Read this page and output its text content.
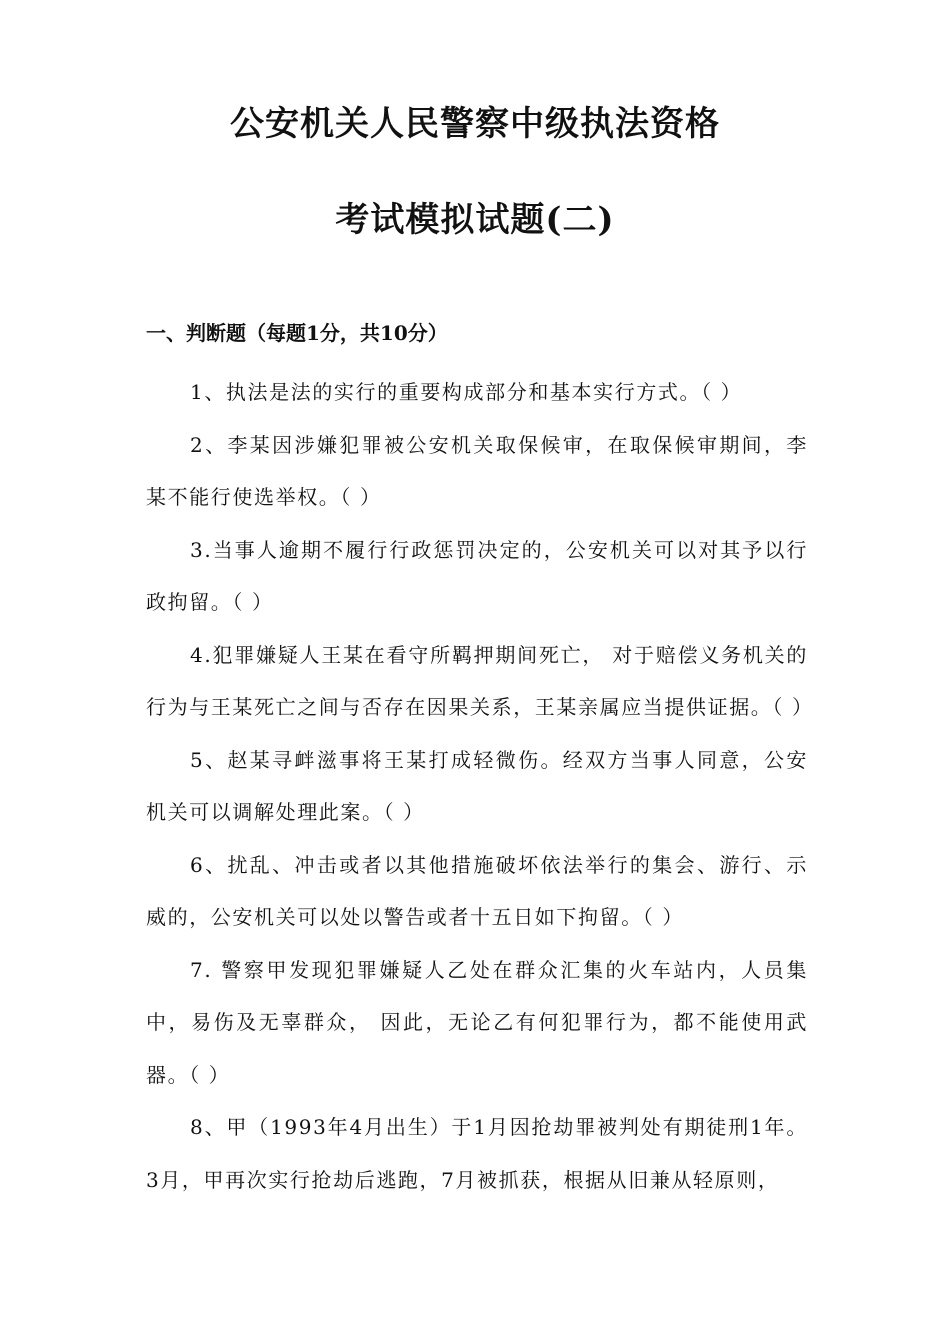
公安机关人民警察中级执法资格
考试模拟试题(二)
一、判断题（每题1分，共10分）
1、执法是法的实行的重要构成部分和基本实行方式。（ ）
2、李某因涉嫌犯罪被公安机关取保候审，在取保候审期间，李某不能行使选举权。（ ）
3.当事人逾期不履行行政惩罚决定的，公安机关可以对其予以行政拘留。（ ）
4.犯罪嫌疑人王某在看守所羁押期间死亡， 对于赔偿义务机关的行为与王某死亡之间与否存在因果关系，王某亲属应当提供证据。（ ）
5、赵某寻衅滋事将王某打成轻微伤。经双方当事人同意，公安机关可以调解处理此案。（ ）
6、扰乱、冲击或者以其他措施破坏依法举行的集会、游行、示威的，公安机关可以处以警告或者十五日如下拘留。（ ）
7. 警察甲发现犯罪嫌疑人乙处在群众汇集的火车站内，人员集中，易伤及无辜群众， 因此，无论乙有何犯罪行为，都不能使用武器。（ ）
8、甲（1993年4月出生）于1月因抢劫罪被判处有期徒刑1年。 3月，甲再次实行抢劫后逃跑，7月被抓获，根据从旧兼从轻原则，
